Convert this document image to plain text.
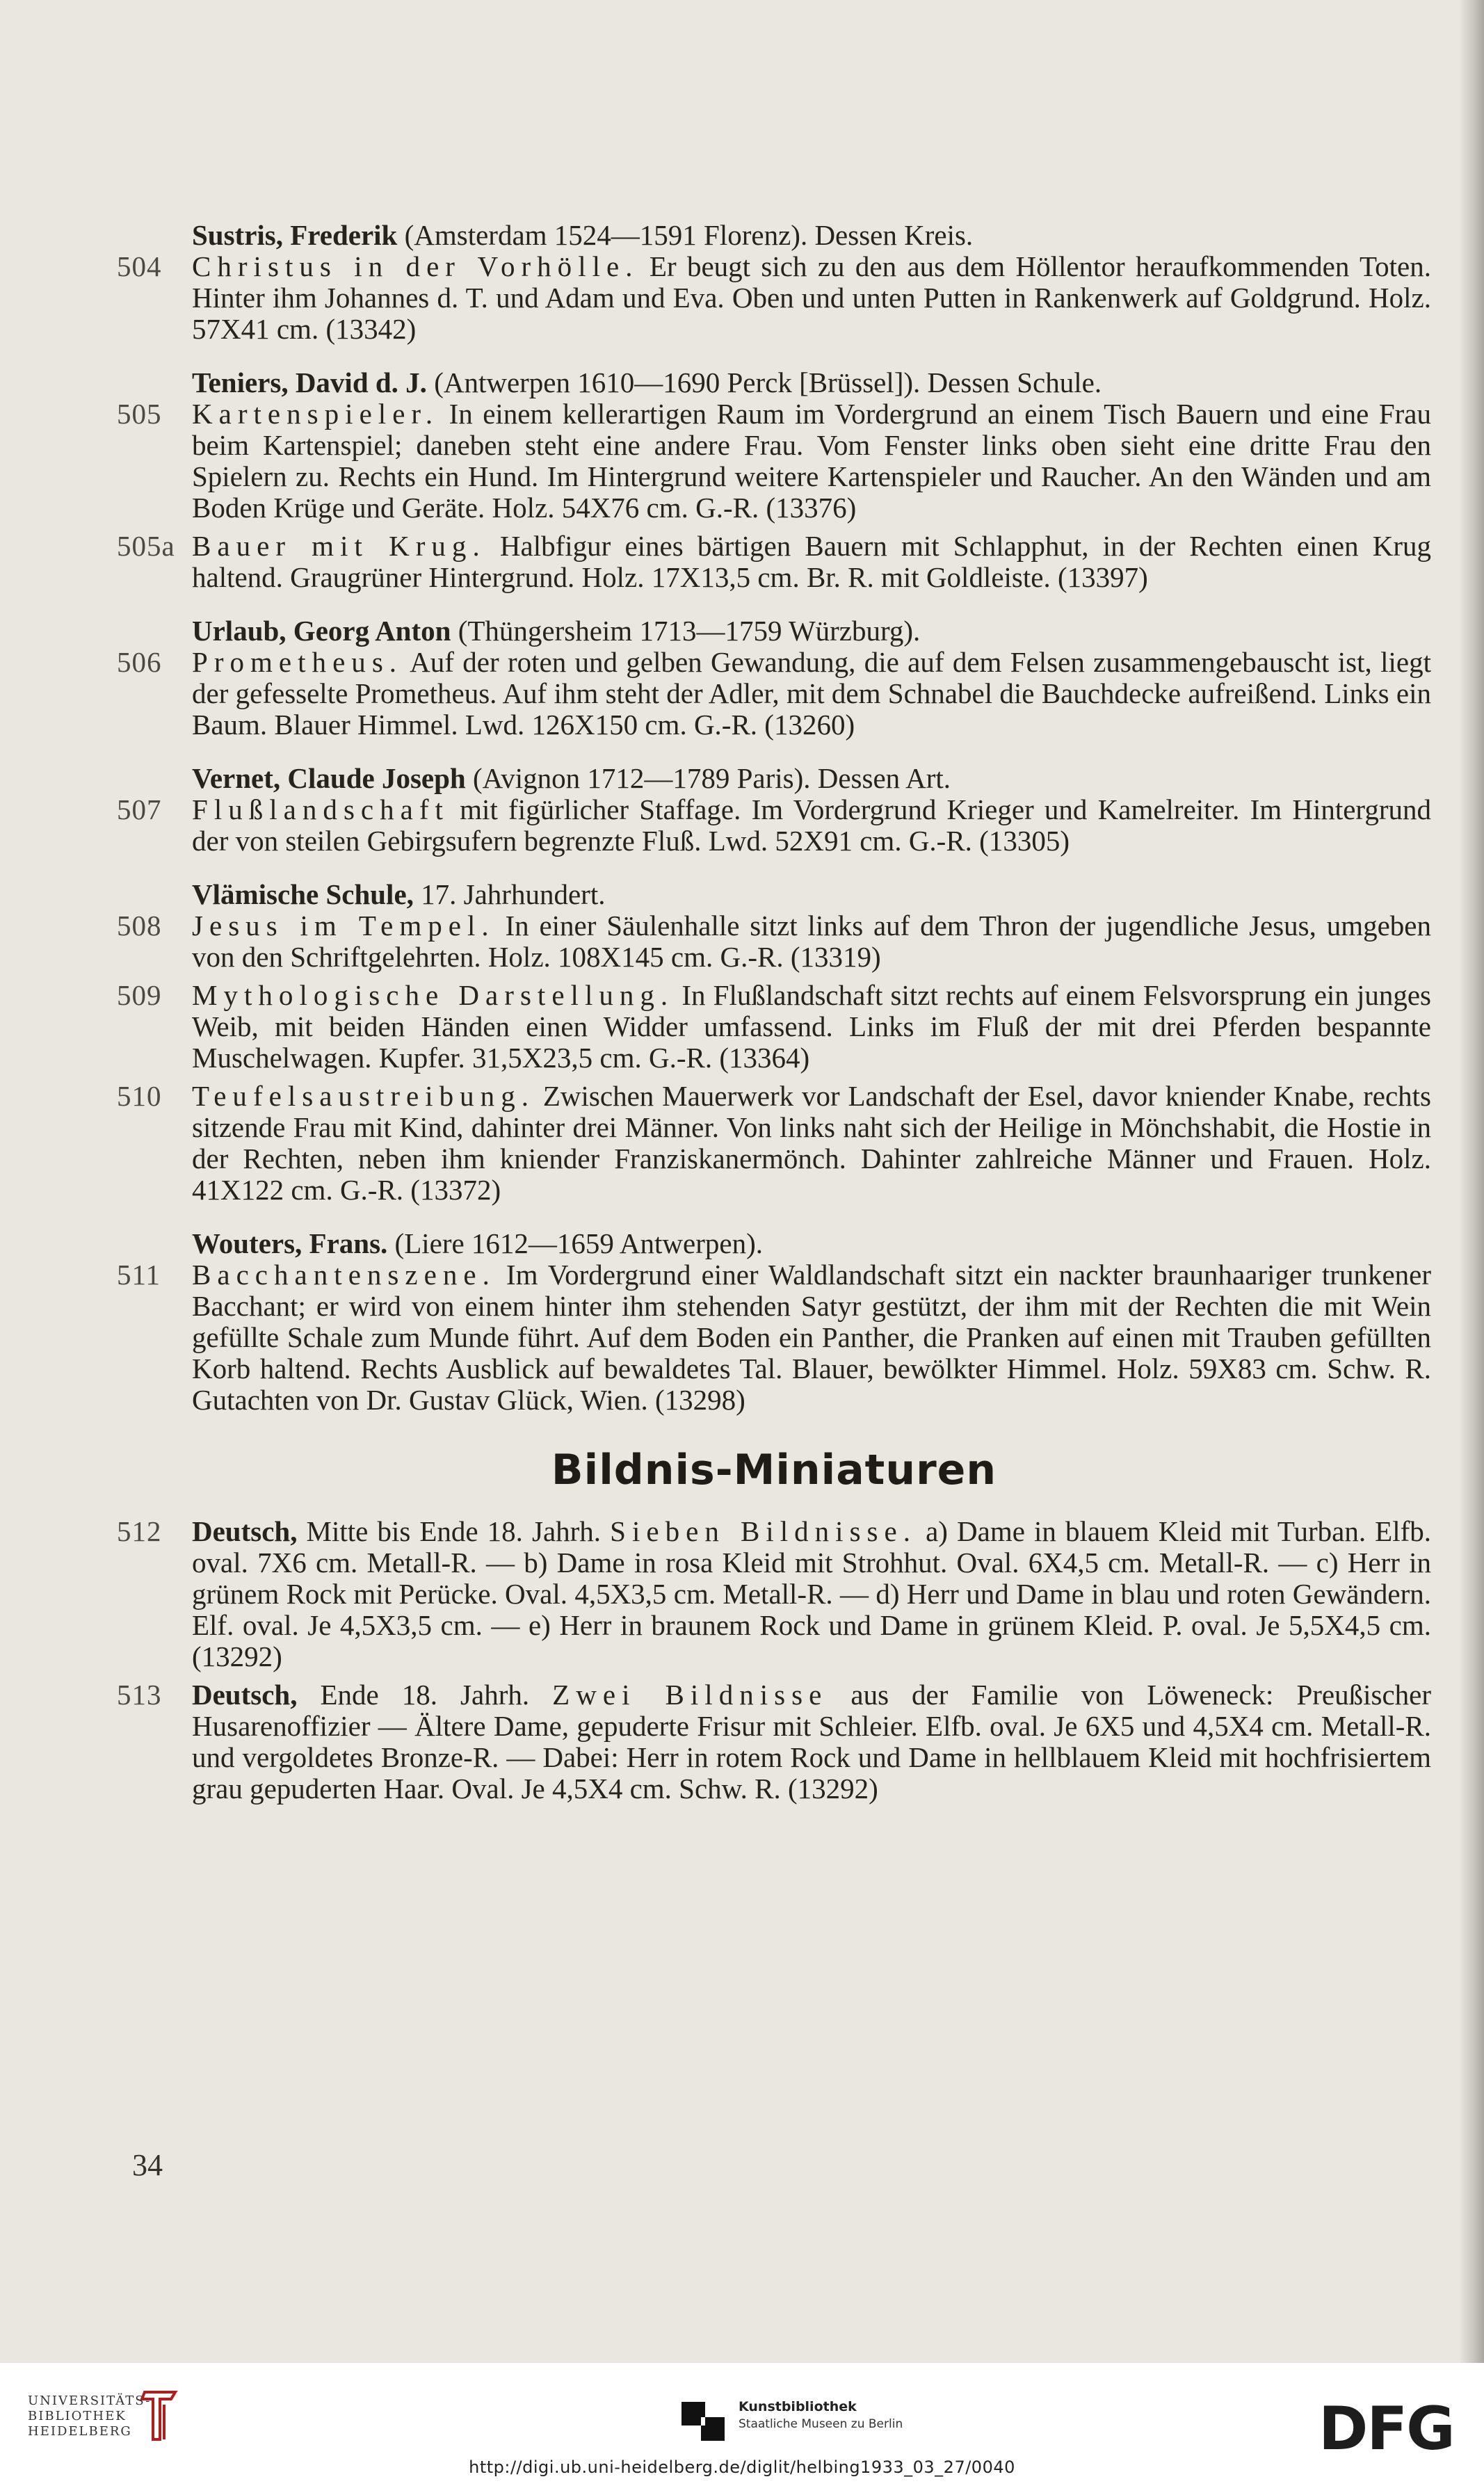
Sustris, Frederik (Amsterdam 1524—1591 Florenz). Dessen Kreis.
504	Christus in der Vorhölle. Er beugt sich zu den aus dem Höllentor heraufkommenden Toten. Hinter ihm Johannes d. T. und Adam und Eva. Oben und unten Putten in Rankenwerk auf Goldgrund. Holz. 57X41 cm. (13342)
Teniers, David d. J. (Antwerpen 1610—1690 Perck [Brüssel]). Dessen Schule.
505	Kartenspieler. In einem kellerartigen Raum im Vordergrund an einem Tisch Bauern und eine Frau beim Kartenspiel; daneben steht eine andere Frau. Vom Fenster links oben sieht eine dritte Frau den Spielern zu. Rechts ein Hund. Im Hintergrund weitere Kartenspieler und Raucher. An den Wänden und am Boden Krüge und Geräte. Holz. 54X76 cm. G.-R. (13376)
505a Bauer mit Krug. Halbfigur eines bärtigen Bauern mit Schlapphut, in der Rechten einen Krug haltend. Graugrüner Hintergrund. Holz. 17X13,5 cm. Br. R. mit Goldleiste. (13397)
Urlaub, Georg Anton (Thüngersheim 1713—1759 Würzburg).
506	Prometheus. Auf der roten und gelben Gewandung, die auf dem Felsen zusammengebauscht ist, liegt der gefesselte Prometheus. Auf ihm steht der Adler, mit dem Schnabel die Bauchdecke aufreißend. Links ein Baum. Blauer Himmel. Lwd. 126X150 cm. G.-R. (13260)
Vernet, Claude Joseph (Avignon 1712—1789 Paris). Dessen Art.
507	Flußlandschaft mit figürlicher Staffage. Im Vordergrund Krieger und Kamelreiter. Im Hintergrund der von steilen Gebirgsufern begrenzte Fluß. Lwd. 52X91 cm. G.-R. (13305)
Vlämische Schule, 17. Jahrhundert.
508	Jesus im Tempel. In einer Säulenhalle sitzt links auf dem Thron der jugendliche Jesus, umgeben von den Schriftgelehrten. Holz. 108X145 cm. G.-R. (13319)
509	Mythologische Darstellung. In Flußlandschaft sitzt rechts auf einem Felsvorsprung ein junges Weib, mit beiden Händen einen Widder umfassend. Links im Fluß der mit drei Pferden bespannte Muschelwagen. Kupfer. 31,5X23,5 cm. G.-R. (13364)
510	Teufelsaustreibung. Zwischen Mauerwerk vor Landschaft der Esel, davor kniender Knabe, rechts sitzende Frau mit Kind, dahinter drei Männer. Von links naht sich der Heilige in Mönchshabit, die Hostie in der Rechten, neben ihm kniender Franziskanermönch. Dahinter zahlreiche Männer und Frauen. Holz. 41X122 cm. G.-R. (13372)
Wouters, Frans. (Liere 1612—1659 Antwerpen).
511	Bacchantenszene. Im Vordergrund einer Waldlandschaft sitzt ein nackter braunhaariger trunkener Bacchant; er wird von einem hinter ihm stehenden Satyr gestützt, der ihm mit der Rechten die mit Wein gefüllte Schale zum Munde führt. Auf dem Boden ein Panther, die Pranken auf einen mit Trauben gefüllten Korb haltend. Rechts Ausblick auf bewaldetes Tal. Blauer, bewölkter Himmel. Holz. 59X83 cm. Schw. R. Gutachten von Dr. Gustav Glück, Wien. (13298)
Bildnis-Miniaturen
512	Deutsch, Mitte bis Ende 18. Jahrh. Sieben Bildnisse. a) Dame in blauem Kleid mit Turban. Elfb. oval. 7X6 cm. Metall-R. — b) Dame in rosa Kleid mit Strohhut. Oval. 6X4,5 cm. Metall-R. — c) Herr in grünem Rock mit Perücke. Oval. 4,5X3,5 cm. Metall-R. — d) Herr und Dame in blau und roten Gewändern. Elf. oval. Je 4,5X3,5 cm. — e) Herr in braunem Rock und Dame in grünem Kleid. P. oval. Je 5,5X4,5 cm. (13292)
513	Deutsch, Ende 18. Jahrh. Zwei Bildnisse aus der Familie von Löweneck: Preußischer Husarenoffizier — Ältere Dame, gepuderte Frisur mit Schleier. Elfb. oval. Je 6X5 und 4,5X4 cm. Metall-R. und vergoldetes Bronze-R. — Dabei: Herr in rotem Rock und Dame in hellblauem Kleid mit hochfrisiertem grau gepuderten Haar. Oval. Je 4,5X4 cm. Schw. R. (13292)
34
UNIVERSITÄTS-
BIBLIOTHEK
HEIDELBERG
Kunstbibliothek
Staatliche Museen zu Berlin	DFG
http://digi.ub.uni-heidelberg.de/diglit/helbing1933_03_27/0040
